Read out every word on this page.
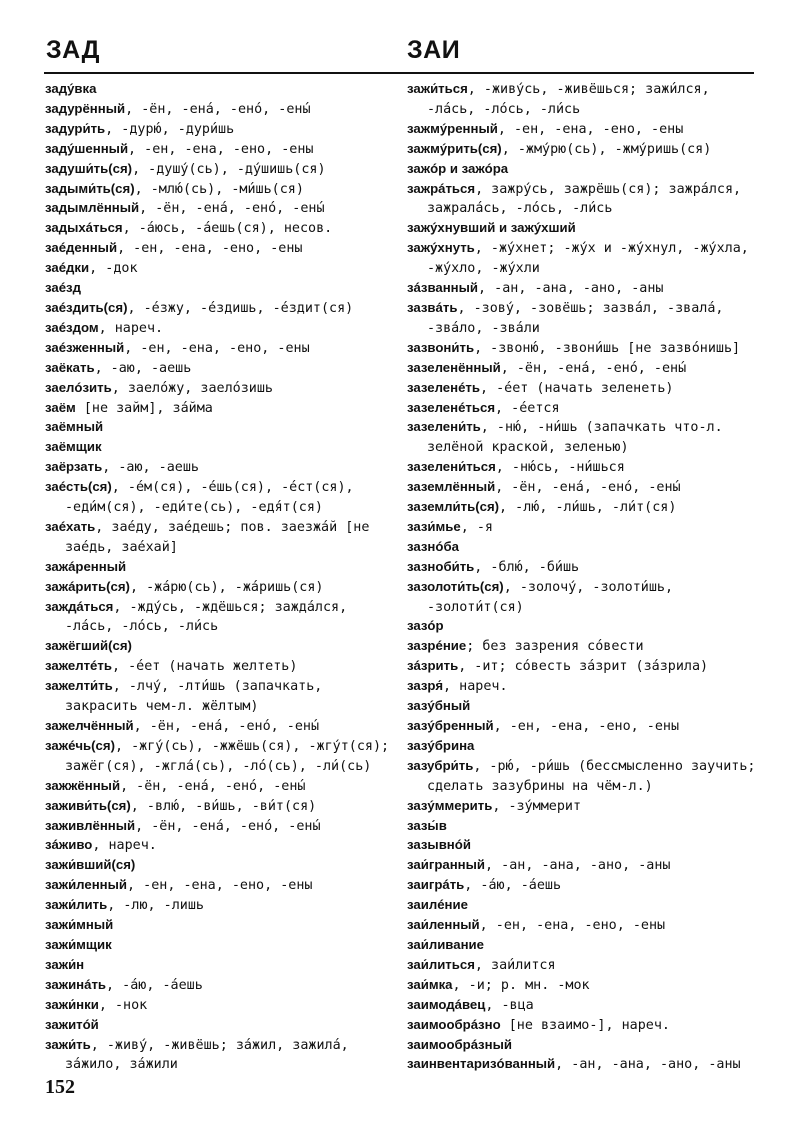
ЗАД	ЗАИ
задýвка
задурённый, -ён, -енá, -енó, -ены́
задури́ть, -дурю́, -дури́шь
задýшенный, -ен, -ена, -ено, -ены
задуши́ть(ся), -душý(сь), -дýшишь(ся)
задыми́ть(ся), -млю́(сь), -ми́шь(ся)
задымлённый, -ён, -енá, -енó, -ены́
задыхáться, -áюсь, -áешь(ся), несов.
заéденный, -ен, -ена, -ено, -ены
заéдки, -док
заéзд
заéздить(ся), -éзжу, -éздишь, -éздит(ся)
заéздом, нареч.
заéзженный, -ен, -ена, -ено, -ены
заёкать, -аю, -аешь
заелóзить, заелóжу, заелóзишь
заём [не займ], зáйма
заёмный
заёмщик
заёрзать, -аю, -аешь
заéсть(ся), -éм(ся), -éшь(ся), -éст(ся), -еди́м(ся), -еди́те(сь), -едя́т(ся)
заéхать, заéду, заéдешь; пов. заезжáй [не заéдь, заéхай]
зажáренный
зажáрить(ся), -жáрю(сь), -жáришь(ся)
заждáться, -ждýсь, -ждёшься; заждáлся, -лáсь, -лóсь, -ли́сь
зажёгший(ся)
зажелтéть, -éет (начать желтеть)
зажелти́ть, -лчý, -лти́шь (запачкать, закрасить чем-л. жёлтым)
зажелчённый, -ён, -енá, -енó, -ены́
зажéчь(ся), -жгý(сь), -жжёшь(ся), -жгýт(ся); зажёг(ся), -жглá(сь), -лó(сь), -ли́(сь)
зажжённый, -ён, -енá, -енó, -ены́
заживи́ть(ся), -влю́, -ви́шь, -ви́т(ся)
заживлённый, -ён, -енá, -енó, -ены́
зáживо, нареч.
зажи́вший(ся)
зажи́ленный, -ен, -ена, -ено, -ены
зажи́лить, -лю, -лишь
зажи́мный
зажи́мщик
зажи́н
зажинáть, -áю, -áешь
зажи́нки, -нок
зажитóй
зажи́ть, -живý, -живёшь; зáжил, зажилá, зáжило, зáжили
зажи́ться, -живýсь, -живёшься; зажи́лся, -лáсь, -лóсь, -ли́сь
зажмýренный, -ен, -ена, -ено, -ены
зажмýрить(ся), -жмýрю(сь), -жмýришь(ся)
зажóр и зажóра
зажрáться, зажрýсь, зажрёшь(ся); зажрáлся, зажралáсь, -лóсь, -ли́сь
зажýхнувший и зажýхший
зажýхнуть, -жýхнет; -жýх и -жýхнул, -жýхла, -жýхло, -жýхли
зáзванный, -ан, -ана, -ано, -аны
зазвáть, -зовý, -зовёшь; зазвáл, -звалá, -звáло, -звáли
зазвони́ть, -звоню́, -звони́шь [не зазвóнишь]
зазеленённый, -ён, -енá, -енó, -ены́
зазеленéть, -éет (начать зеленеть)
зазеленéться, -éется
зазелени́ть, -ню́, -ни́шь (запачкать что-л. зелёной краской, зеленью)
зазелени́ться, -ню́сь, -ни́шься
заземлённый, -ён, -енá, -енó, -ены́
заземли́ть(ся), -лю́, -ли́шь, -ли́т(ся)
зази́мье, -я
зазнóба
зазноби́ть, -блю́, -би́шь
зазолоти́ть(ся), -золочý, -золоти́шь, -золоти́т(ся)
зазóр
зазрéние; без зазрения сóвести
зáзрить, -ит; сóвесть зáзрит (зáзрила)
зазря́, нареч.
зазýбный
зазýбренный, -ен, -ена, -ено, -ены
зазýбрина
зазубри́ть, -рю́, -ри́шь (бессмысленно заучить; сделать зазубрины на чём-л.)
зазýммерить, -зýммерит
зазы́в
зазывнóй
заи́гранный, -ан, -ана, -ано, -аны
заигрáть, -áю, -áешь
заилéние
заи́ленный, -ен, -ена, -ено, -ены
заи́ливание
заи́литься, заи́лится
заи́мка, -и; р. мн. -мок
заимодáвец, -вца
заимообрáзно [не взаимо-], нареч.
заимообрáзный
заинвентаризóванный, -ан, -ана, -ано, -аны
152
